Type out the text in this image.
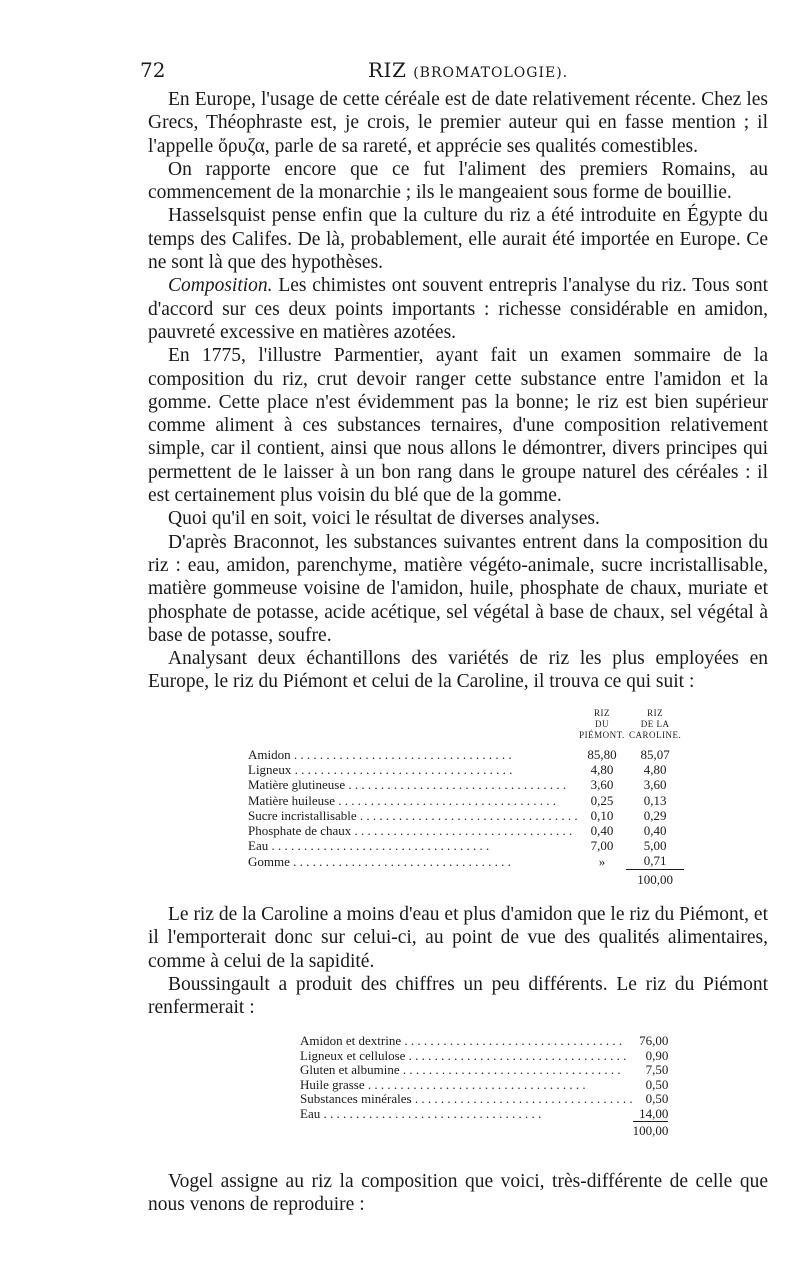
72	RIZ (BROMATOLOGIE).

En Europe, l'usage de cette céréale est de date relativement récente. Chez les Grecs, Théophraste est, je crois, le premier auteur qui en fasse mention ; il l'appelle ὄρυζα, parle de sa rareté, et apprécie ses qualités comestibles.

On rapporte encore que ce fut l'aliment des premiers Romains, au commencement de la monarchie ; ils le mangeaient sous forme de bouillie.

Hasselsquist pense enfin que la culture du riz a été introduite en Égypte du temps des Califes. De là, probablement, elle aurait été importée en Europe. Ce ne sont là que des hypothèses.

Composition. Les chimistes ont souvent entrepris l'analyse du riz. Tous sont d'accord sur ces deux points importants : richesse considérable en amidon, pauvreté excessive en matières azotées.

En 1775, l'illustre Parmentier, ayant fait un examen sommaire de la composition du riz, crut devoir ranger cette substance entre l'amidon et la gomme. Cette place n'est évidemment pas la bonne; le riz est bien supérieur comme aliment à ces substances ternaires, d'une composition relativement simple, car il contient, ainsi que nous allons le démontrer, divers principes qui permettent de le laisser à un bon rang dans le groupe naturel des céréales : il est certainement plus voisin du blé que de la gomme.

Quoi qu'il en soit, voici le résultat de diverses analyses.

D'après Braconnot, les substances suivantes entrent dans la composition du riz : eau, amidon, parenchyme, matière végéto-animale, sucre incristallisable, matière gommeuse voisine de l'amidon, huile, phosphate de chaux, muriate et phosphate de potasse, acide acétique, sel végétal à base de chaux, sel végétal à base de potasse, soufre.

Analysant deux échantillons des variétés de riz les plus employées en Europe, le riz du Piémont et celui de la Caroline, il trouva ce qui suit :

	RIZ
DU PIÉMONT.	RIZ
DE LA CAROLINE.
Amidon . . .	85,80	85,07
Ligneux . . .	4,80	4,80
Matière glutineuse . . .	3,60	3,60
Matière huileuse . . .	0,25	0,13
Sucre incristallisable . . .	0,10	0,29
Phosphate de chaux . . .	0,40	0,40
Eau . . .	7,00	5,00
Gomme . . .	»	0,71
		100,00

Le riz de la Caroline a moins d'eau et plus d'amidon que le riz du Piémont, et il l'emporterait donc sur celui-ci, au point de vue des qualités alimentaires, comme à celui de la sapidité.

Boussingault a produit des chiffres un peu différents. Le riz du Piémont renfermerait :

Amidon et dextrine . . .	76,00
Ligneux et cellulose . . .	0,90
Gluten et albumine . . .	7,50
Huile grasse . . .	0,50
Substances minérales . . .	0,50
Eau . . .	14,00
	100,00

Vogel assigne au riz la composition que voici, très-différente de celle que nous venons de reproduire :
